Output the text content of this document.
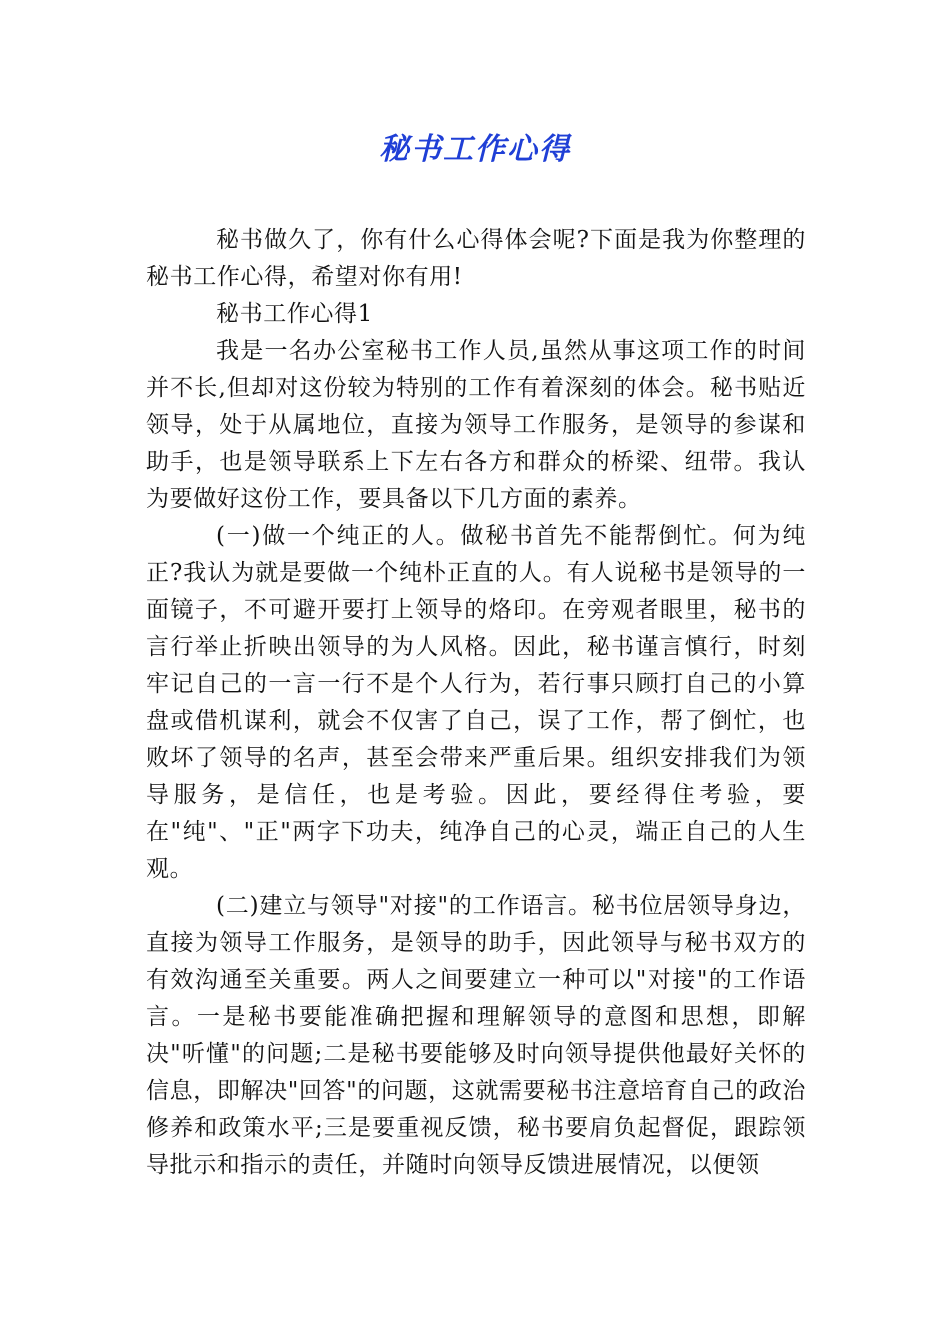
秘书工作心得

秘书做久了，你有什么心得体会呢?下面是我为你整理的秘书工作心得，希望对你有用!

秘书工作心得1

我是一名办公室秘书工作人员,虽然从事这项工作的时间并不长,但却对这份较为特别的工作有着深刻的体会。秘书贴近领导，处于从属地位，直接为领导工作服务，是领导的参谋和助手，也是领导联系上下左右各方和群众的桥梁、纽带。我认为要做好这份工作，要具备以下几方面的素养。

(一)做一个纯正的人。做秘书首先不能帮倒忙。何为纯正?我认为就是要做一个纯朴正直的人。有人说秘书是领导的一面镜子，不可避开要打上领导的烙印。在旁观者眼里，秘书的言行举止折映出领导的为人风格。因此，秘书谨言慎行，时刻牢记自己的一言一行不是个人行为，若行事只顾打自己的小算盘或借机谋利，就会不仅害了自己，误了工作，帮了倒忙，也败坏了领导的名声，甚至会带来严重后果。组织安排我们为领导服务，是信任，也是考验。因此，要经得住考验，要在"纯"、"正"两字下功夫，纯净自己的心灵，端正自己的人生观。

(二)建立与领导"对接"的工作语言。秘书位居领导身边，直接为领导工作服务，是领导的助手，因此领导与秘书双方的有效沟通至关重要。两人之间要建立一种可以"对接"的工作语言。一是秘书要能准确把握和理解领导的意图和思想，即解决"听懂"的问题;二是秘书要能够及时向领导提供他最好关怀的信息，即解决"回答"的问题，这就需要秘书注意培育自己的政治修养和政策水平;三是要重视反馈，秘书要肩负起督促，跟踪领导批示和指示的责任，并随时向领导反馈进展情况，以便领
